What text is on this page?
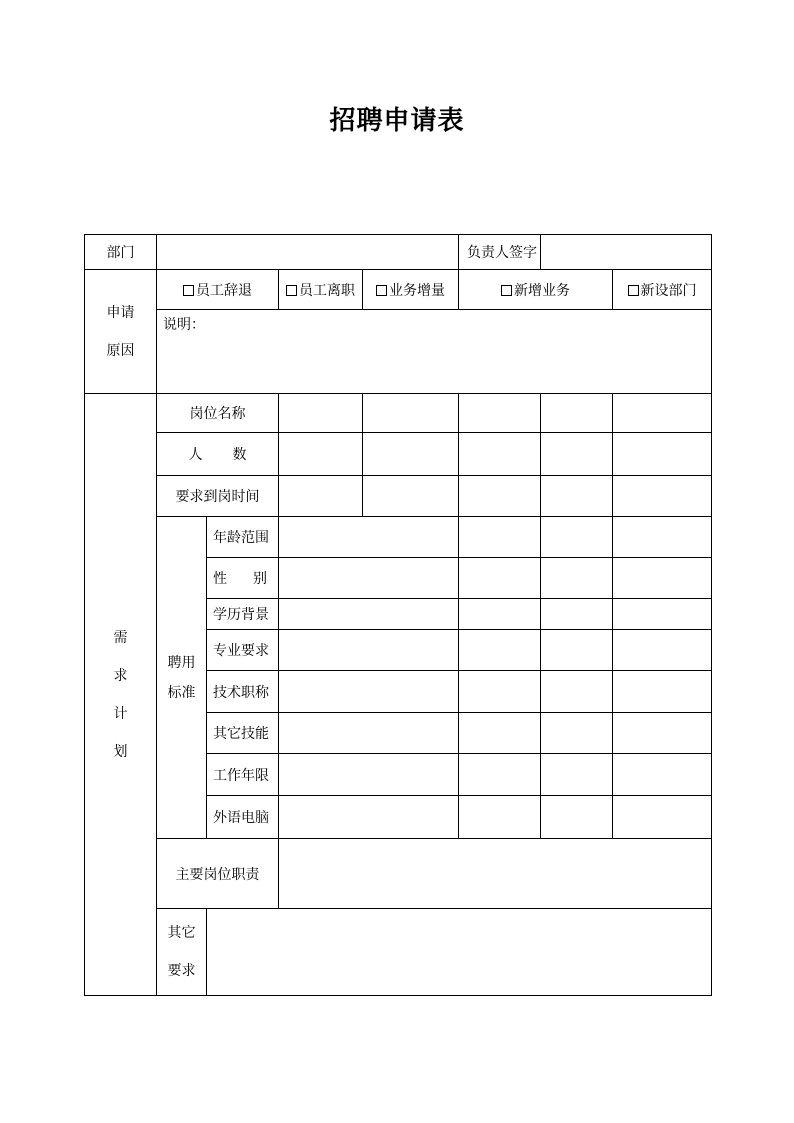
招聘申请表
部门					负责人签字			

申请
原因	员工辞退		员工离职	业务增量	新增业务		新设部门	
	说明：							

需
求
计
划	岗位名称							
	人 数							
	要求到岗时间							

	聘用
标准	年龄范围						
		性 别						
		学历背景						
		专业要求						
		技术职称						
		其它技能						
		工作年限						
		外语电脑						
	主要岗位职责							

	其它
要求							
